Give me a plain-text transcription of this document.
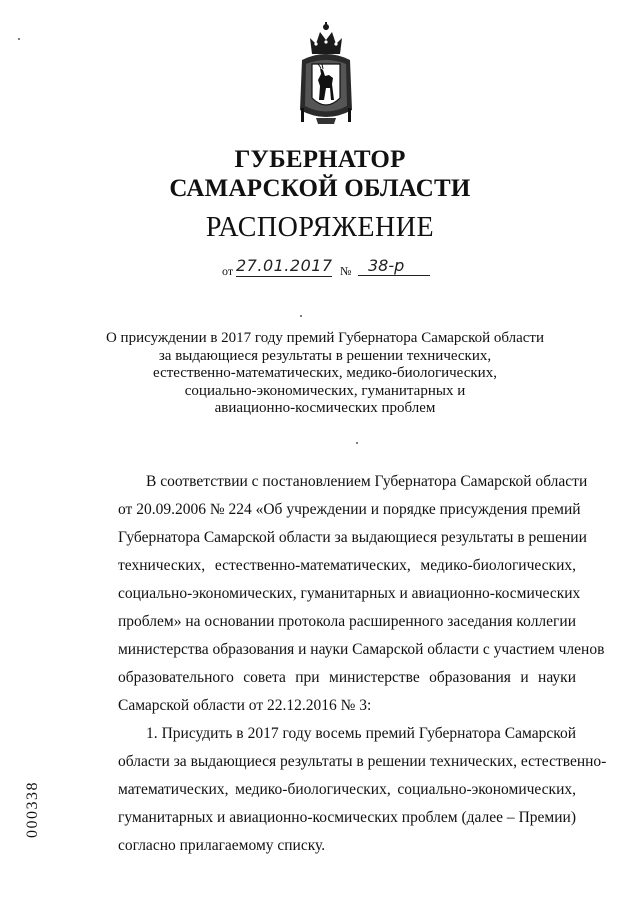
ГУБЕРНАТОР
САМАРСКОЙ ОБЛАСТИ
РАСПОРЯЖЕНИЕ
от 27.01.2017 №	38-р
О присуждении в 2017 году премий Губернатора Самарской области
за выдающиеся результаты в решении технических,
естественно-математических, медико-биологических,
социально-экономических, гуманитарных и
авиационно-космических проблем
В соответствии с постановлением Губернатора Самарской области
от 20.09.2006 № 224 «Об учреждении и порядке присуждения премий
Губернатора Самарской области за выдающиеся результаты в решении
технических, естественно-математических, медико-биологических,
социально-экономических, гуманитарных и авиационно-космических
проблем» на основании протокола расширенного заседания коллегии
министерства образования и науки Самарской области с участием членов
образовательного совета при министерстве образования и науки
Самарской области от 22.12.2016 № 3:
1. Присудить в 2017 году восемь премий Губернатора Самарской
области за выдающиеся результаты в решении технических, естественно-
математических, медико-биологических, социально-экономических,
гуманитарных и авиационно-космических проблем (далее – Премии)
согласно прилагаемому списку.
000338
